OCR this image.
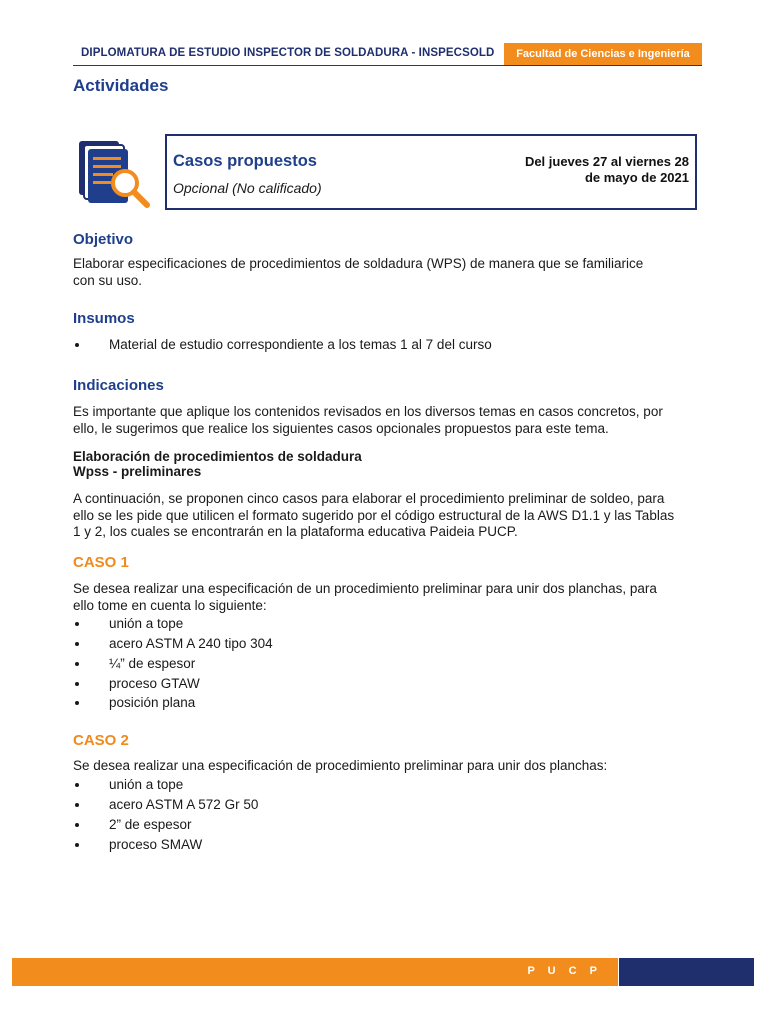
DIPLOMATURA DE ESTUDIO INSPECTOR DE SOLDADURA - INSPECSOLD	Facultad de Ciencias e Ingeniería
Actividades
Casos propuestos
Opcional (No calificado)
Del jueves 27 al viernes 28
de mayo de 2021
Objetivo
Elaborar especificaciones de procedimientos de soldadura (WPS) de manera que se familiarice
con su uso.
Insumos
Material de estudio correspondiente a los temas 1 al 7 del curso
Indicaciones
Es importante que aplique los contenidos revisados en los diversos temas en casos concretos, por
ello, le sugerimos que realice los siguientes casos opcionales propuestos para este tema.
Elaboración de procedimientos de soldadura
Wpss - preliminares
A continuación, se proponen cinco casos para elaborar el procedimiento preliminar de soldeo, para
ello se les pide que utilicen el formato sugerido por el código estructural de la AWS D1.1 y las Tablas
1 y 2, los cuales se encontrarán en la plataforma educativa Paideia PUCP.
CASO 1
Se desea realizar una especificación de un procedimiento preliminar para unir dos planchas, para
ello tome en cuenta lo siguiente:
unión a tope
acero ASTM A 240 tipo 304
¼” de espesor
proceso GTAW
posición plana
CASO 2
Se desea realizar una especificación de procedimiento preliminar para unir dos planchas:
unión a tope
acero ASTM A 572 Gr 50
2” de espesor
proceso SMAW
P U C P
